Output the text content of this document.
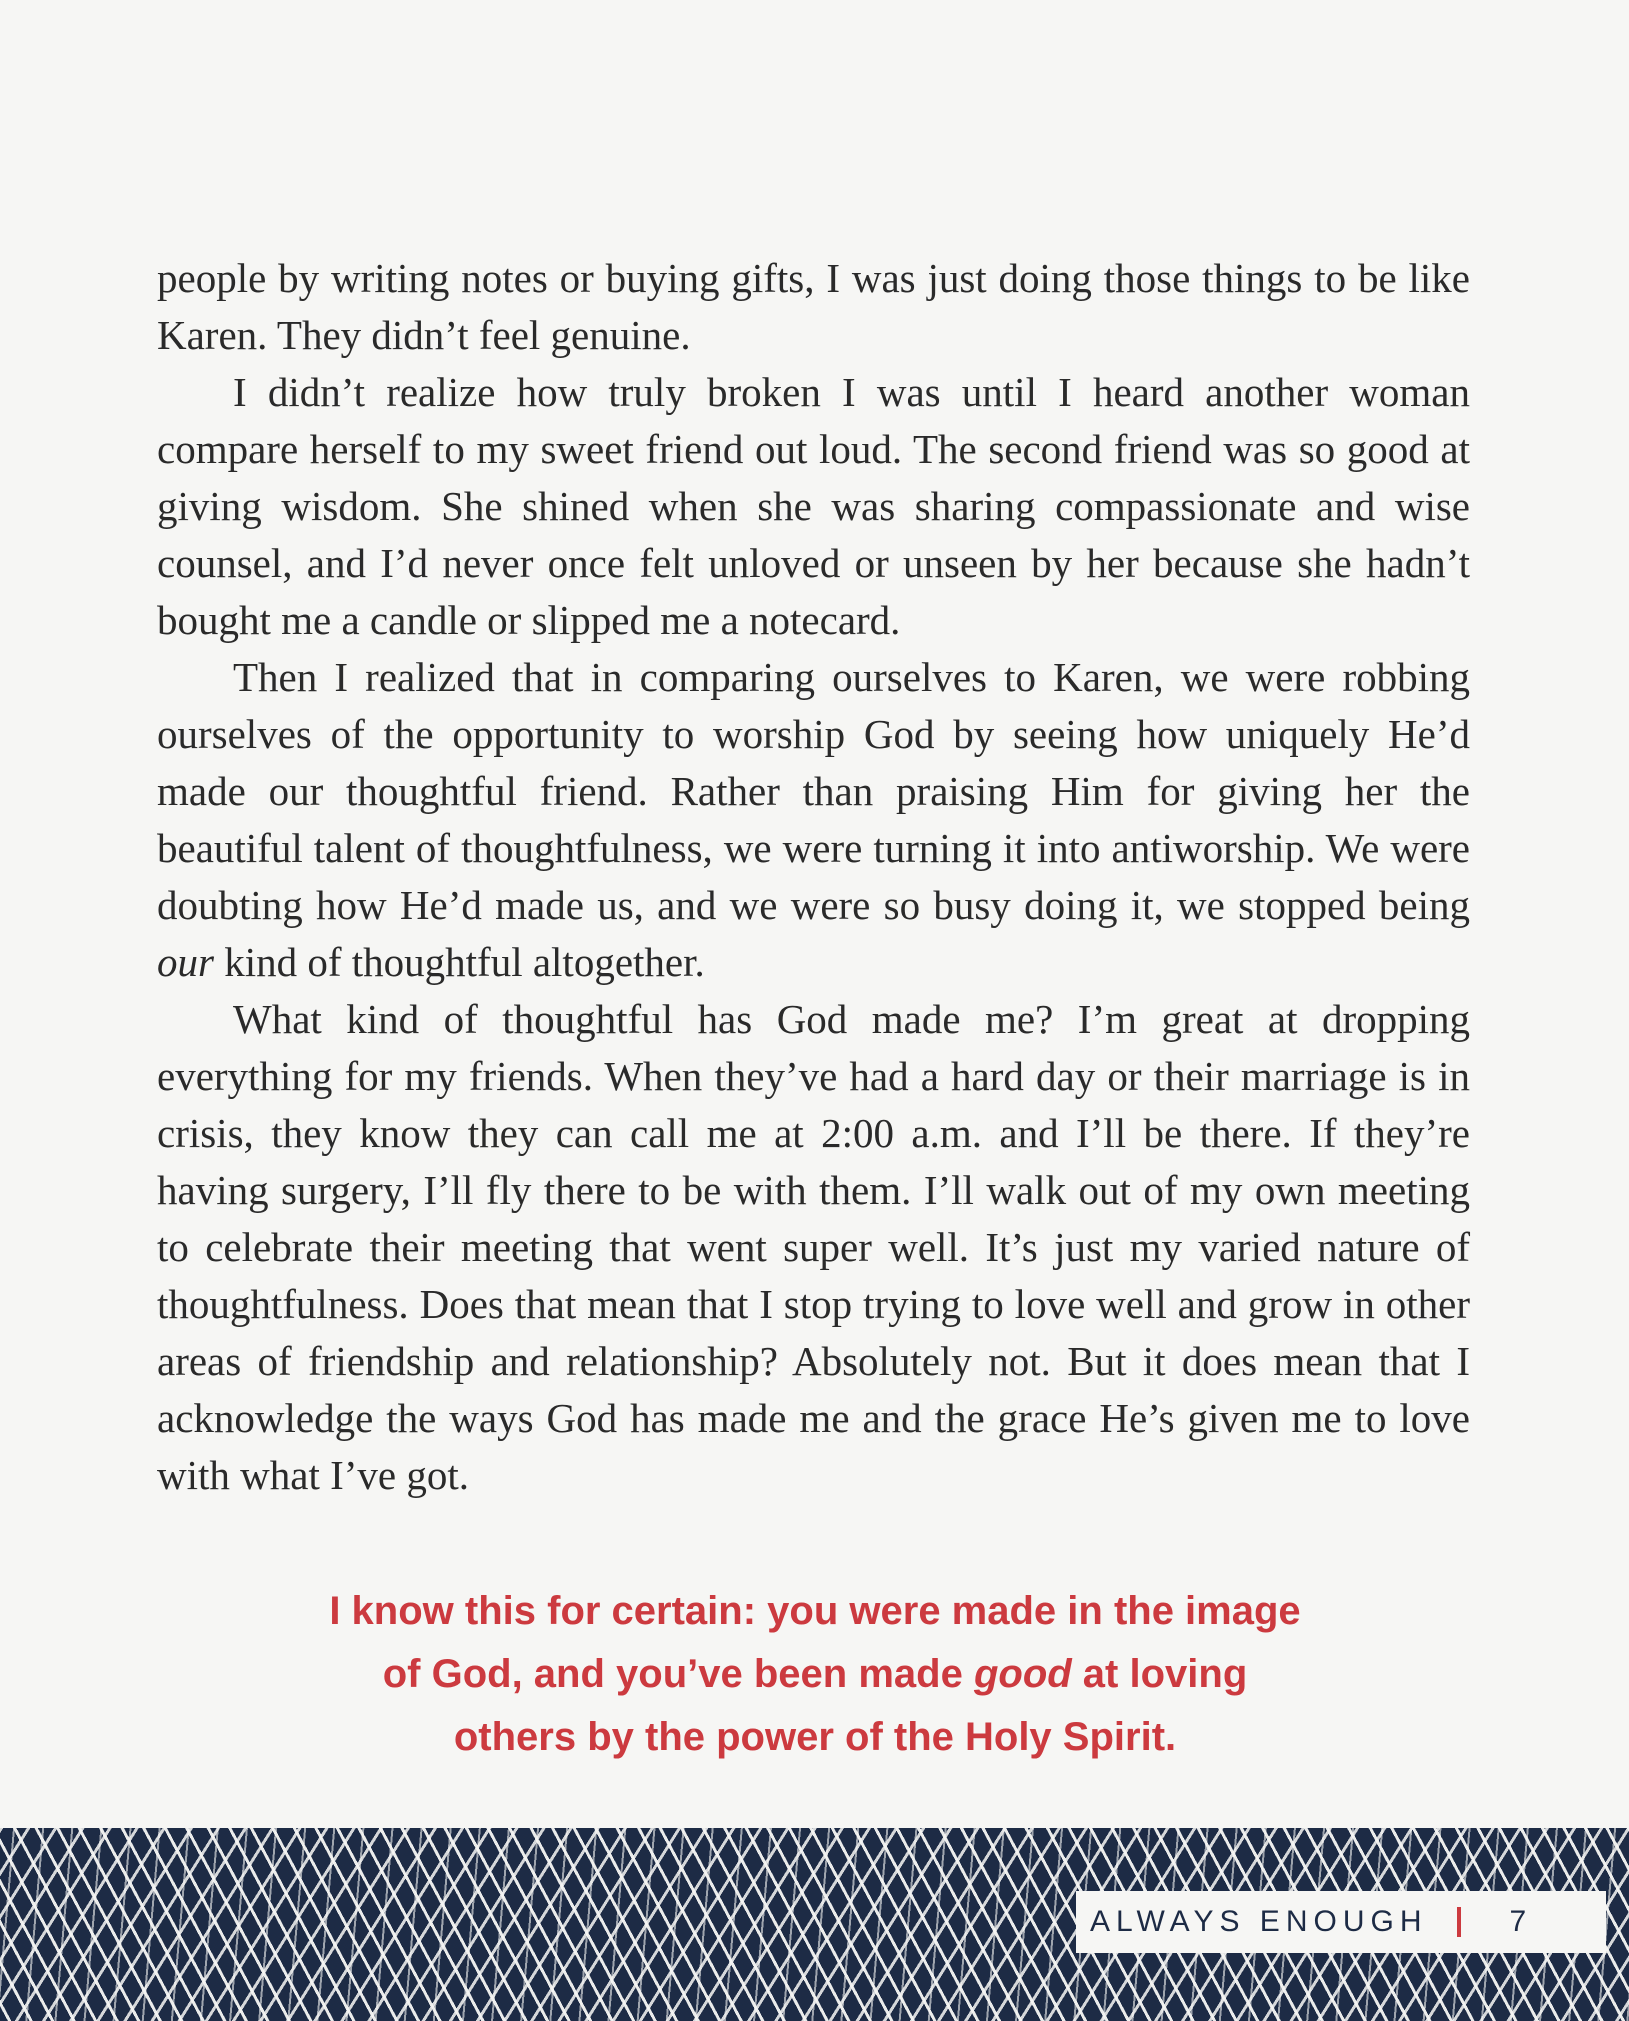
people by writing notes or buying gifts, I was just doing those things to be like Karen. They didn’t feel genuine.

I didn’t realize how truly broken I was until I heard another woman compare herself to my sweet friend out loud. The second friend was so good at giving wisdom. She shined when she was sharing compassionate and wise counsel, and I’d never once felt unloved or unseen by her because she hadn’t bought me a candle or slipped me a notecard.

Then I realized that in comparing ourselves to Karen, we were robbing ourselves of the opportunity to worship God by seeing how uniquely He’d made our thoughtful friend. Rather than praising Him for giving her the beautiful talent of thoughtfulness, we were turning it into antiworship. We were doubting how He’d made us, and we were so busy doing it, we stopped being our kind of thoughtful altogether.

What kind of thoughtful has God made me? I’m great at dropping everything for my friends. When they’ve had a hard day or their marriage is in crisis, they know they can call me at 2:00 a.m. and I’ll be there. If they’re having surgery, I’ll fly there to be with them. I’ll walk out of my own meeting to celebrate their meeting that went super well. It’s just my varied nature of thoughtfulness. Does that mean that I stop trying to love well and grow in other areas of friendship and relationship? Absolutely not. But it does mean that I acknowledge the ways God has made me and the grace He’s given me to love with what I’ve got.

I know this for certain: you were made in the image of God, and you’ve been made good at loving others by the power of the Holy Spirit.
ALWAYS ENOUGH	7
